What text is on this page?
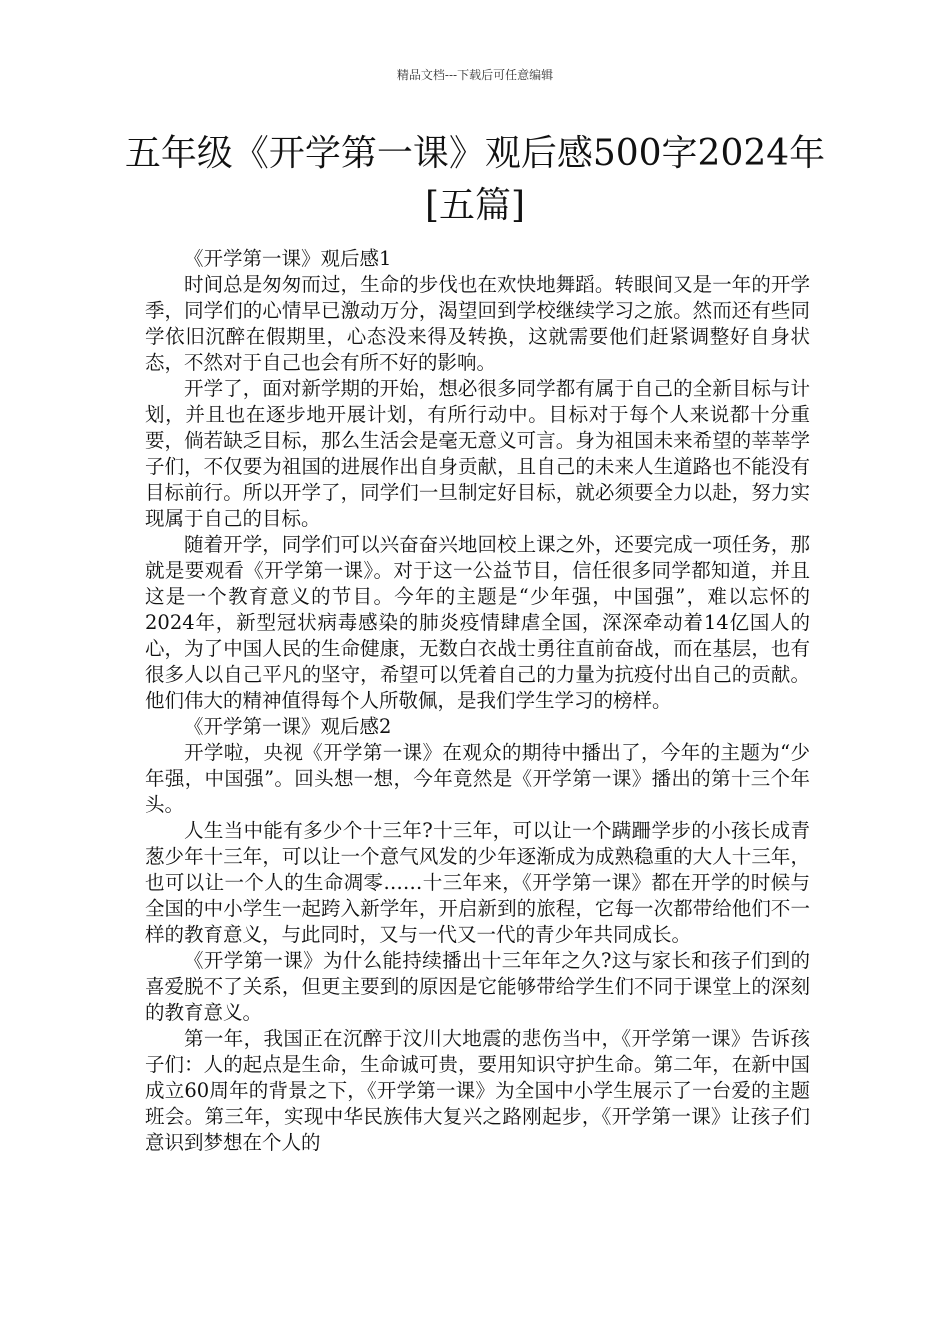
精品文档---下载后可任意编辑
五年级《开学第一课》观后感500字2024年[五篇]

《开学第一课》观后感1

时间总是匆匆而过，生命的步伐也在欢快地舞蹈。转眼间又是一年的开学季，同学们的心情早已激动万分，渴望回到学校继续学习之旅。然而还有些同学依旧沉醉在假期里，心态没来得及转换，这就需要他们赶紧调整好自身状态，不然对于自己也会有所不好的影响。

开学了，面对新学期的开始，想必很多同学都有属于自己的全新目标与计划，并且也在逐步地开展计划，有所行动中。目标对于每个人来说都十分重要，倘若缺乏目标，那么生活会是毫无意义可言。身为祖国未来希望的莘莘学子们，不仅要为祖国的进展作出自身贡献，且自己的未来人生道路也不能没有目标前行。所以开学了，同学们一旦制定好目标，就必须要全力以赴，努力实现属于自己的目标。

随着开学，同学们可以兴奋奋兴地回校上课之外，还要完成一项任务，那就是要观看《开学第一课》。对于这一公益节目，信任很多同学都知道，并且这是一个教育意义的节目。今年的主题是“少年强，中国强”，难以忘怀的2024年，新型冠状病毒感染的肺炎疫情肆虐全国，深深牵动着14亿国人的心，为了中国人民的生命健康，无数白衣战士勇往直前奋战，而在基层，也有很多人以自己平凡的坚守，希望可以凭着自己的力量为抗疫付出自己的贡献。他们伟大的精神值得每个人所敬佩，是我们学生学习的榜样。

《开学第一课》观后感2

开学啦，央视《开学第一课》在观众的期待中播出了，今年的主题为“少年强，中国强”。回头想一想，今年竟然是《开学第一课》播出的第十三个年头。

人生当中能有多少个十三年?十三年，可以让一个蹒跚学步的小孩长成青葱少年十三年，可以让一个意气风发的少年逐渐成为成熟稳重的大人十三年，也可以让一个人的生命凋零……十三年来，《开学第一课》都在开学的时候与全国的中小学生一起跨入新学年，开启新到的旅程，它每一次都带给他们不一样的教育意义，与此同时，又与一代又一代的青少年共同成长。

《开学第一课》为什么能持续播出十三年年之久?这与家长和孩子们到的喜爱脱不了关系，但更主要到的原因是它能够带给学生们不同于课堂上的深刻的教育意义。

第一年，我国正在沉醉于汶川大地震的悲伤当中，《开学第一课》告诉孩子们：人的起点是生命，生命诚可贵，要用知识守护生命。第二年，在新中国成立60周年的背景之下，《开学第一课》为全国中小学生展示了一台爱的主题班会。第三年，实现中华民族伟大复兴之路刚起步，《开学第一课》让孩子们意识到梦想在个人的
